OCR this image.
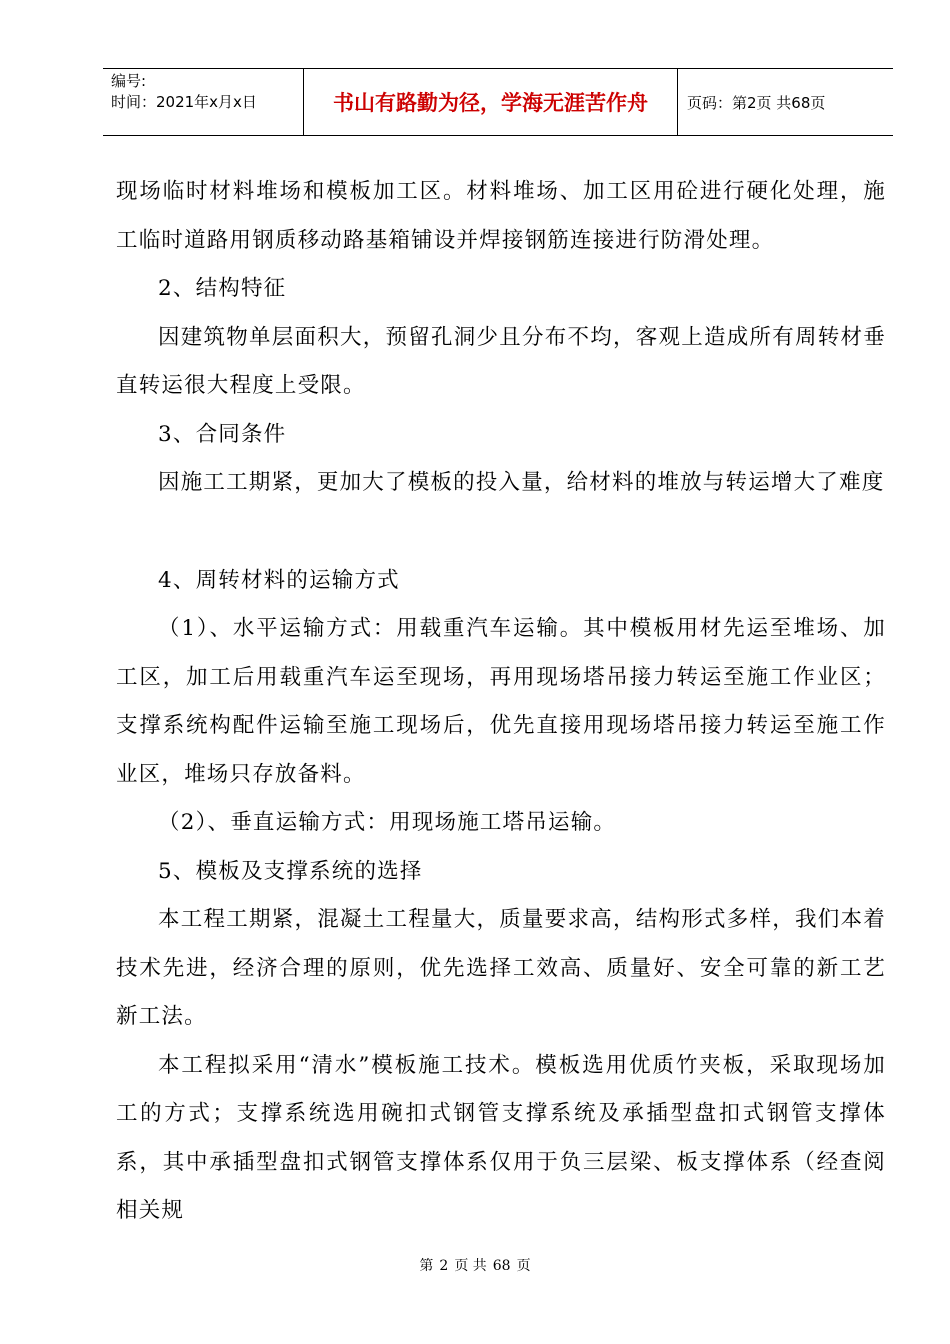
编号:
时间：2021年x月x日	书山有路勤为径，学海无涯苦作舟	页码：第2页 共68页

现场临时材料堆场和模板加工区。材料堆场、加工区用砼进行硬化处理，施工临时道路用钢质移动路基箱铺设并焊接钢筋连接进行防滑处理。

2、结构特征

因建筑物单层面积大，预留孔洞少且分布不均，客观上造成所有周转材垂直转运很大程度上受限。

3、合同条件

因施工工期紧，更加大了模板的投入量，给材料的堆放与转运增大了难度

4、周转材料的运输方式

（1）、水平运输方式：用载重汽车运输。其中模板用材先运至堆场、加工区，加工后用载重汽车运至现场，再用现场塔吊接力转运至施工作业区；支撑系统构配件运输至施工现场后，优先直接用现场塔吊接力转运至施工作业区，堆场只存放备料。

（2）、垂直运输方式：用现场施工塔吊运输。

5、模板及支撑系统的选择

本工程工期紧，混凝土工程量大，质量要求高，结构形式多样，我们本着技术先进，经济合理的原则，优先选择工效高、质量好、安全可靠的新工艺新工法。

本工程拟采用“清水”模板施工技术。模板选用优质竹夹板，采取现场加工的方式；支撑系统选用碗扣式钢管支撑系统及承插型盘扣式钢管支撑体系，其中承插型盘扣式钢管支撑体系仅用于负三层梁、板支撑体系（经查阅相关规

第 2 页 共 68 页
